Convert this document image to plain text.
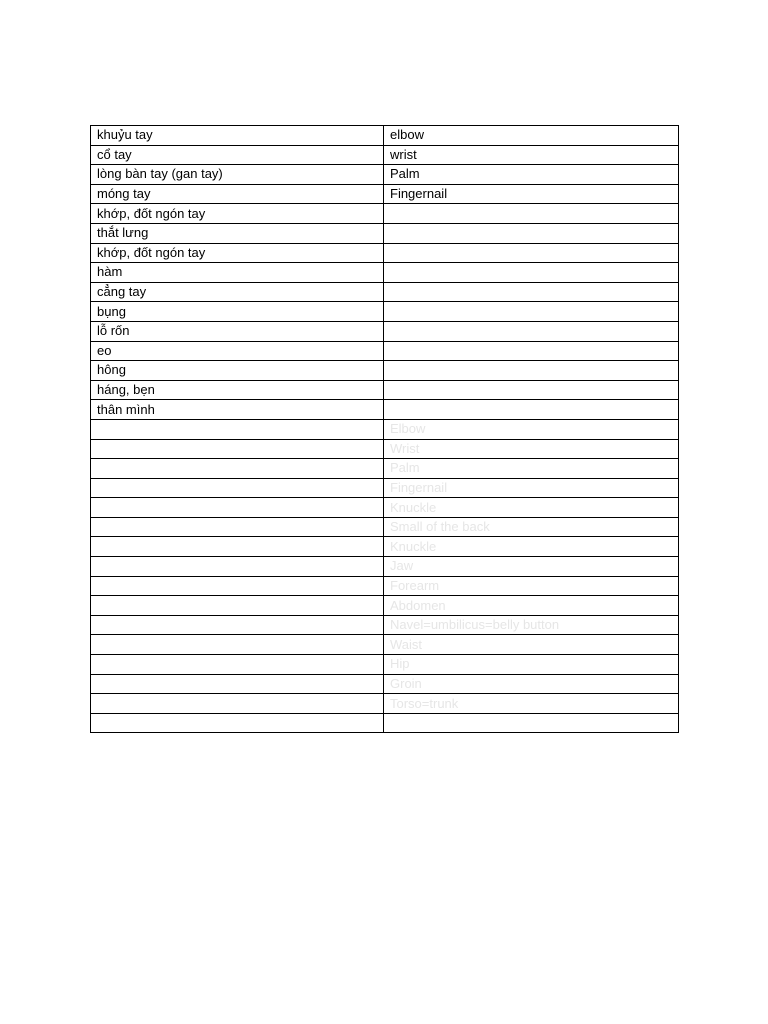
khuỷu tay	elbow
cổ tay	wrist
lòng bàn tay (gan tay)	Palm
móng tay	Fingernail
khớp, đốt ngón tay	
thắt lưng	
khớp, đốt ngón tay	
hàm	
cẳng tay	
bụng	
lỗ rốn	
eo	
hông	
háng, bẹn	
thân mình	
	Elbow
	Wrist
	Palm
	Fingernail
	Knuckle
	Small of the back
	Knuckle
	Jaw
	Forearm
	Abdomen
	Navel=umbilicus=belly button
	Waist
	Hip
	Groin
	Torso=trunk
